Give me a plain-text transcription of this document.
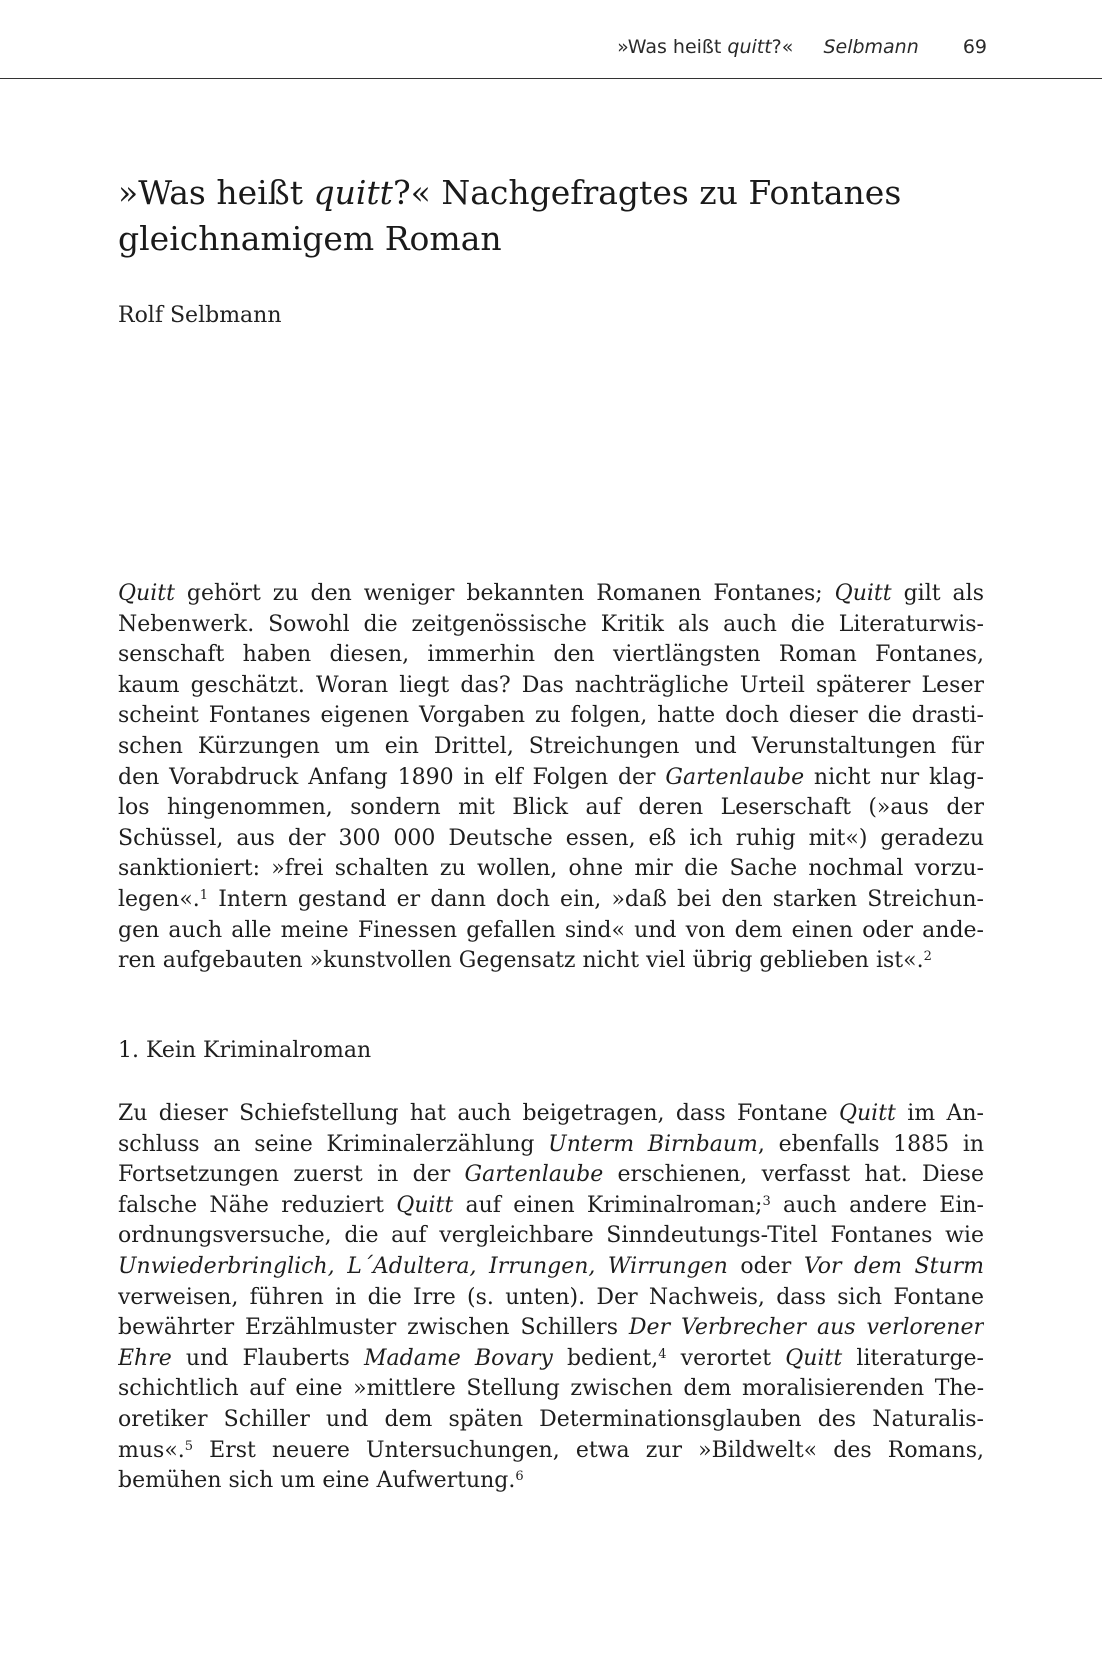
»Was heißt quitt?« Selbmann 69
»Was heißt quitt?« Nachgefragtes zu Fontanes gleichnamigem Roman

Rolf Selbmann

Quitt gehört zu den weniger bekannten Romanen Fontanes; Quitt gilt als
Nebenwerk. Sowohl die zeitgenössische Kritik als auch die Literaturwis-
senschaft haben diesen, immerhin den viertlängsten Roman Fontanes,
kaum geschätzt. Woran liegt das? Das nachträgliche Urteil späterer Leser
scheint Fontanes eigenen Vorgaben zu folgen, hatte doch dieser die drasti-
schen Kürzungen um ein Drittel, Streichungen und Verunstaltungen für
den Vorabdruck Anfang 1890 in elf Folgen der Gartenlaube nicht nur klag-
los hingenommen, sondern mit Blick auf deren Leserschaft (»aus der
Schüssel, aus der 300 000 Deutsche essen, eß ich ruhig mit«) geradezu
sanktioniert: »frei schalten zu wollen, ohne mir die Sache nochmal vorzu-
legen«.$^1$ Intern gestand er dann doch ein, »daß bei den starken Streichun-
gen auch alle meine Finessen gefallen sind« und von dem einen oder ande-
ren aufgebauten »kunstvollen Gegensatz nicht viel übrig geblieben ist«.$^2$
1. Kein Kriminalroman
Zu dieser Schiefstellung hat auch beigetragen, dass Fontane Quitt im An-
schluss an seine Kriminalerzählung Unterm Birnbaum, ebenfalls 1885 in
Fortsetzungen zuerst in der Gartenlaube erschienen, verfasst hat. Diese
falsche Nähe reduziert Quitt auf einen Kriminalroman;$^3$ auch andere Ein-
ordnungsversuche, die auf vergleichbare Sinndeutungs-Titel Fontanes wie
Unwiederbringlich, L´Adultera, Irrungen, Wirrungen oder Vor dem Sturm
verweisen, führen in die Irre (s. unten). Der Nachweis, dass sich Fontane
bewährter Erzählmuster zwischen Schillers Der Verbrecher aus verlorener
Ehre und Flauberts Madame Bovary bedient,$^4$ verortet Quitt literaturge-
schichtlich auf eine »mittlere Stellung zwischen dem moralisierenden The-
oretiker Schiller und dem späten Determinationsglauben des Naturalis-
mus«.$^5$ Erst neuere Untersuchungen, etwa zur »Bildwelt« des Romans,
bemühen sich um eine Aufwertung.$^6$
